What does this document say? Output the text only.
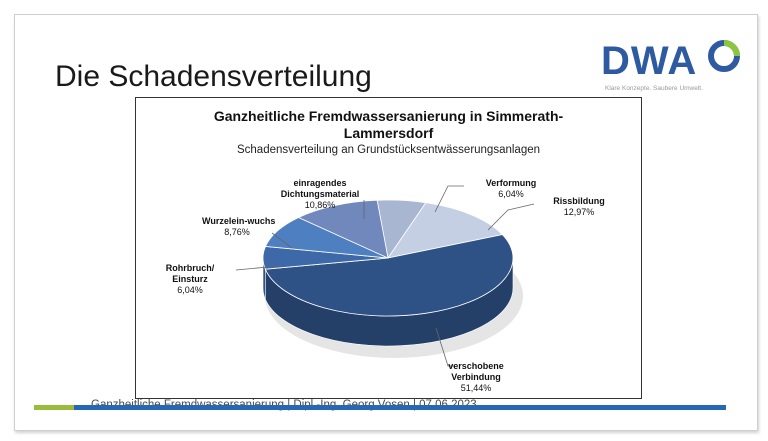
Die Schadensverteilung	DWA
Klare Konzepte. Saubere Umwelt.
Ganzheitliche Fremdwassersanierung in Simmerath-
Lammersdorf
Schadensverteilung an Grundstücksentwässerungsanlagen
Verformung
6,04%
Rissbildung
12,97%
verschobene
Verbindung
51,44%
Rohrbruch/
Einsturz
6,04%
Wurzelein-wuchs
8,76%
einragendes
Dichtungsmaterial
10,86%
